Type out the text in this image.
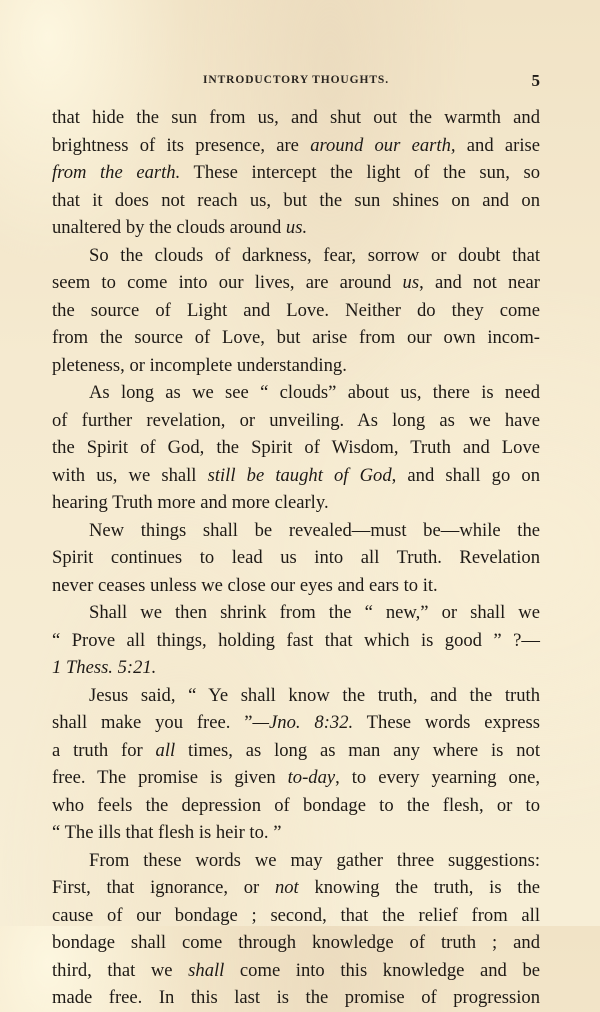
INTRODUCTORY THOUGHTS.	5
that hide the sun from us, and shut out the warmth and
brightness of its presence, are around our earth, and arise
from the earth. These intercept the light of the sun, so
that it does not reach us, but the sun shines on and on
unaltered by the clouds around us.
So the clouds of darkness, fear, sorrow or doubt that
seem to come into our lives, are around us, and not near
the source of Light and Love. Neither do they come
from the source of Love, but arise from our own incom-
pleteness, or incomplete understanding.
As long as we see “ clouds” about us, there is need
of further revelation, or unveiling. As long as we have
the Spirit of God, the Spirit of Wisdom, Truth and Love
with us, we shall still be taught of God, and shall go on
hearing Truth more and more clearly.
New things shall be revealed—must be—while the
Spirit continues to lead us into all Truth. Revelation
never ceases unless we close our eyes and ears to it.
Shall we then shrink from the “ new,” or shall we
“ Prove all things, holding fast that which is good ” ?—
1 Thess. 5:21.
Jesus said, “ Ye shall know the truth, and the truth
shall make you free. ”—Jno. 8:32. These words express
a truth for all times, as long as man any where is not
free. The promise is given to-day, to every yearning one,
who feels the depression of bondage to the flesh, or to
“ The ills that flesh is heir to. ”
From these words we may gather three suggestions:
First, that ignorance, or not knowing the truth, is the
cause of our bondage ; second, that the relief from all
bondage shall come through knowledge of truth ; and
third, that we shall come into this knowledge and be
made free. In this last is the promise of progression
